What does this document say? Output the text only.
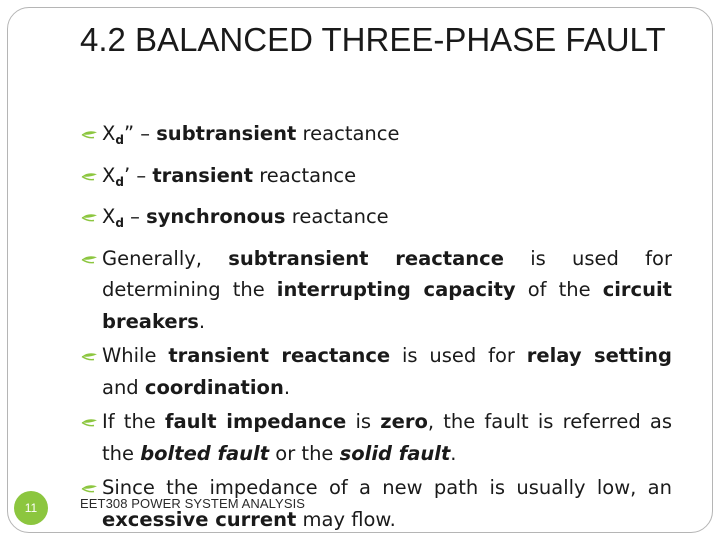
4.2 BALANCED THREE-PHASE FAULT

$X_d$” – subtransient reactance

$X_d$’ – transient reactance

$X_d$ – synchronous reactance

Generally, subtransient reactance is used for determining the interrupting capacity of the circuit breakers.

While transient reactance is used for relay setting and coordination.

If the fault impedance is zero, the fault is referred as the bolted fault or the solid fault.

Since the impedance of a new path is usually low, an excessive current may flow.

11	EET308 POWER SYSTEM ANALYSIS
